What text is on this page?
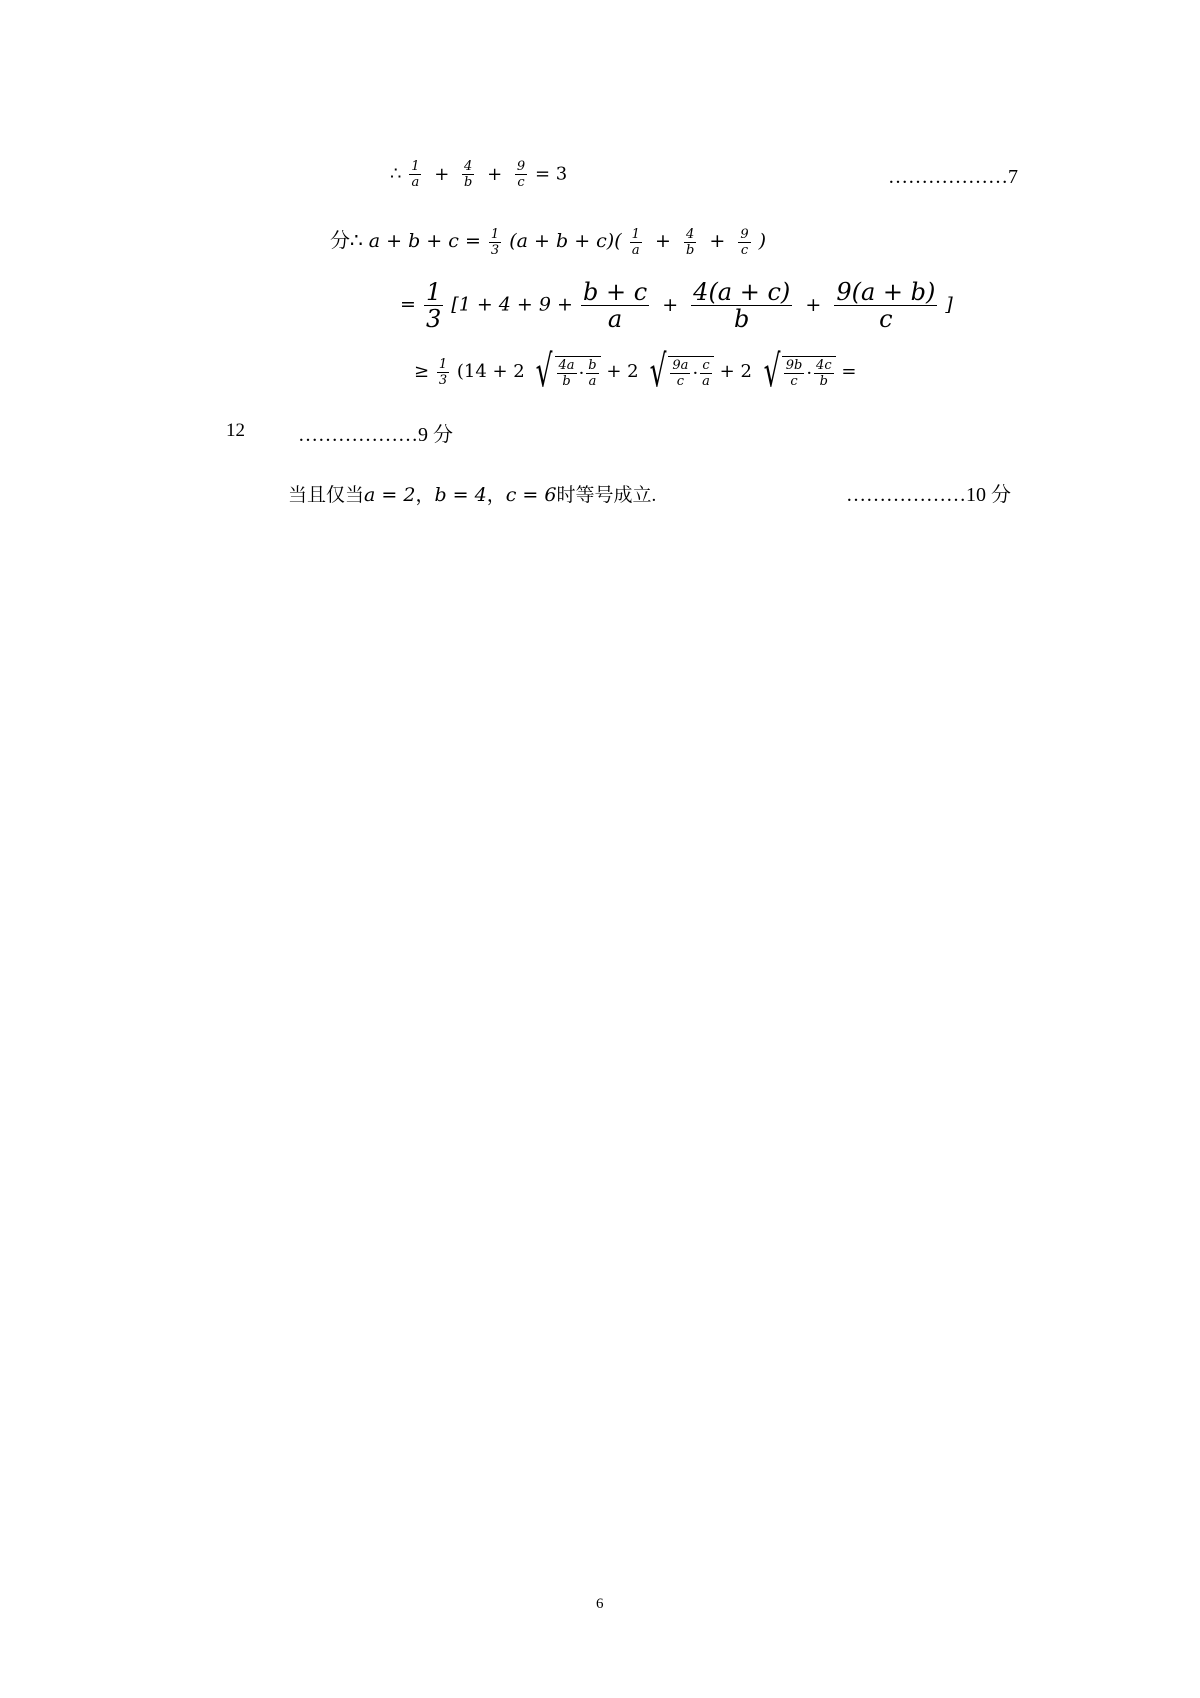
∴ $\frac{1}{a} + \frac{4}{b} + \frac{9}{c} = 3$	………………7
分∴ $a + b + c = \frac{1}{3} (a + b + c)( \frac{1}{a} + \frac{4}{b} + \frac{9}{c}$ )
= $\frac{1}{3} [1 + 4 + 9 + \frac{b + c}{a} + \frac{4(a + c)}{b} + \frac{9(a + b)}{c}$ ]
≥ $\frac{1}{3} (14 + 2$ √ $\frac{4a}{b} \cdot \frac{b}{a} + 2$ √ $\frac{9a}{c} \cdot \frac{c}{a} + 2$ √ $\frac{9b}{c} \cdot \frac{4c}{b}$ =
12	………………9 分
当且仅当a = 2，b = 4，c = 6时等号成立.	………………10 分
6
